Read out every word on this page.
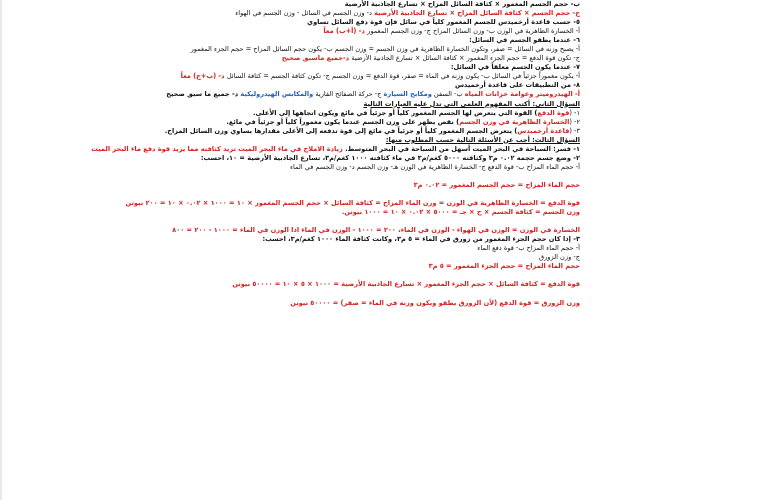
ب- حجم الجسم المغمور × كثافة السائل المزاح × تسارع الجاذبية الأرضية
ج- حجم الجسم × كثافة السائل المزاح × تسارع الجاذبية الأرضية د- وزن الجسم في السائل - وزن الجسم في الهواء
٥- حسب قاعدة أرخميدس للجسم المغمور كلياً في سائل فإن قوة دفع السائل تساوي
أ- الخسارة الظاهرية في الوزن ب- وزن السائل المزاح ج- وزن الجسم المغمور د- (أ+ب) معاً
٦- عندما يطفو الجسم في السائل:
أ- يصبح وزنه في السائل = صفر، وتكون الخسارة الظاهرية في وزن الجسم = وزن الجسم ب- يكون حجم السائل المزاح = حجم الجزء المغمور
ج- تكون قوة الدفع = حجم الجزء المغمور × كثافة السائل × تسارع الجاذبية الأرضية د-جميع ماسبق صحيح
٧- عندما يكون الجسم معلقاً في السائل:
أ- يكون مغموراً جزئياً في السائل ب- يكون وزنه في الماء = صفر، قوة الدفع = وزن الجسم ج- تكون كثافة الجسم = كثافة السائل د- (ب+ج) معاً
٨- من التطبيقات على قاعدة أرخميدس
أ- الهيدروميتر وعوامة خزانات المياه ب- السفن ومكابح السيارة ج- حركة الصفائح القارية والمكابس الهيدروليكية د- جميع ما سبق صحيح
السؤال الثاني: أكتب المفهوم العلمي التي تدل عليه العبارات التالية
١- (قوة الدفع) القوة التي يتعرض لها الجسم المغمور كلياً أو جزئياً في مائع ويكون اتجاهها إلى الأعلى.
٢- (الخسارة الظاهرية في وزن الجسم) نقص يظهر على وزن الجسم عندما يكون مغموراً كلياً أو جزئياً في مائع.
٣- (قاعدة أرخميدس) يتعرض الجسم المغمور كلياً أو جزئياً في مائع إلى قوة تدفعه إلى الأعلى مقدارها يساوي وزن السائل المزاح.
السؤال الثالث: أجب عن الأسئلة التالية حسب المطلوب منها:
١- فسر: السباحة في البحر الميت أسهل من السباحة في البحر المتوسط. زيادة الاملاح في ماء البحر الميت تزيد كثافته مما يزيد قوة دفع ماء البحر الميت
٢- وضع جسم حجمه ٠.٠٢ م٣ وكثافته ٥٠٠٠ كغم/م٣ في ماء كثافته ١٠٠٠ كغم/م٣، تسارع الجاذبية الأرضية = ١٠، احسب:
أ- حجم الماء المزاح ب- قوة الدفع ج- الخسارة الظاهرية في الوزن هـ- وزن الجسم د- وزن الجسم في الماء
حجم الماء المزاح = حجم الجسم المغمور = ٠.٠٢ م٣
قوة الدفع = الخسارة الظاهرية في الوزن = وزن الماء المزاح = كثافة السائل × حجم الجسم المغمور × ١٠ = ١٠٠٠ × ٠.٠٢ × ١٠ = ٢٠٠ نيوتن
وزن الجسم = كثافة الجسم × ح × جـ = ٥٠٠٠ × ٠.٠٢ × ١٠ = ١٠٠٠ نيوتن.
الخسارة في الوزن = الوزن في الهواء - الوزن في الماء، ٢٠٠ = ١٠٠٠ - الوزن في الماء اذا الوزن في الماء = ١٠٠٠ - ٢٠٠ = ٨٠٠
٣- إذا كان حجم الجزء المغمور من زورق في الماء = ٥ م٣، وكانت كثافة الماء ١٠٠٠ كغم/م٣، احسب:
أ- حجم الماء المزاح ب- قوة دفع الماء
ج- وزن الزورق
حجم الماء المزاح = حجم الجزء المغمور = ٥ م٣
قوة الدفع = كثافة السائل × حجم الجزء المغمور × تسارع الجاذبية الأرضية = ١٠٠٠ × ٥ × ١٠ = ٥٠٠٠٠ نيوتن
وزن الزورق = قوة الدفع (لأن الزورق يطفو ويكون وزنه في الماء = صفر) = ٥٠٠٠٠ نيوتن
